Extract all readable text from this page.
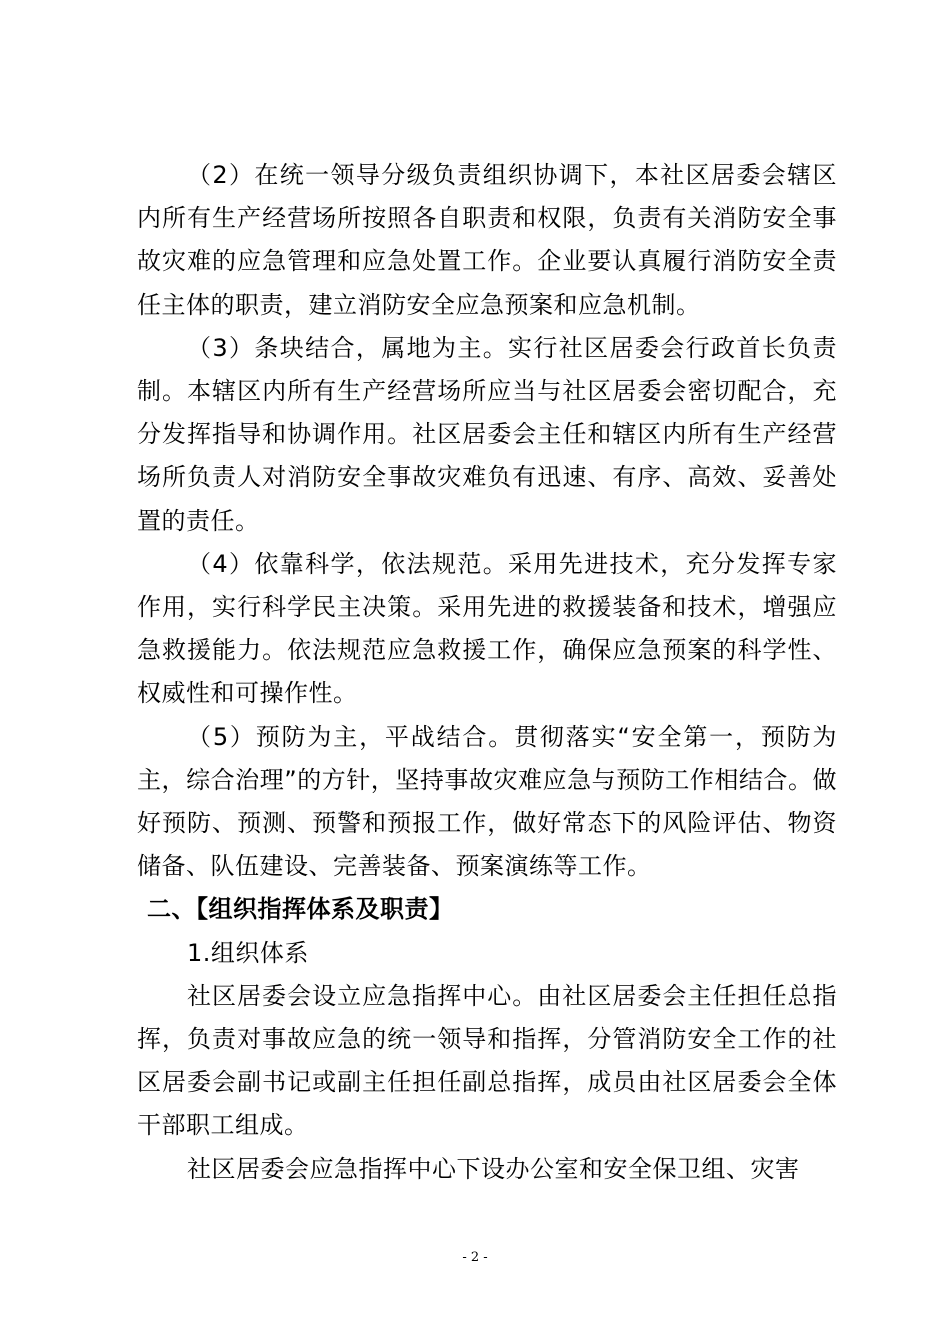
（2）在统一领导分级负责组织协调下，本社区居委会辖区内所有生产经营场所按照各自职责和权限，负责有关消防安全事故灾难的应急管理和应急处置工作。企业要认真履行消防安全责任主体的职责，建立消防安全应急预案和应急机制。

（3）条块结合，属地为主。实行社区居委会行政首长负责制。本辖区内所有生产经营场所应当与社区居委会密切配合，充分发挥指导和协调作用。社区居委会主任和辖区内所有生产经营场所负责人对消防安全事故灾难负有迅速、有序、高效、妥善处置的责任。

（4）依靠科学，依法规范。采用先进技术，充分发挥专家作用，实行科学民主决策。采用先进的救援装备和技术，增强应急救援能力。依法规范应急救援工作，确保应急预案的科学性、权威性和可操作性。

（5）预防为主，平战结合。贯彻落实“安全第一，预防为主，综合治理”的方针，坚持事故灾难应急与预防工作相结合。做好预防、预测、预警和预报工作，做好常态下的风险评估、物资储备、队伍建设、完善装备、预案演练等工作。

二、【组织指挥体系及职责】

1.组织体系

社区居委会设立应急指挥中心。由社区居委会主任担任总指挥，负责对事故应急的统一领导和指挥，分管消防安全工作的社区居委会副书记或副主任担任副总指挥，成员由社区居委会全体干部职工组成。

社区居委会应急指挥中心下设办公室和安全保卫组、灾害

- 2 -
